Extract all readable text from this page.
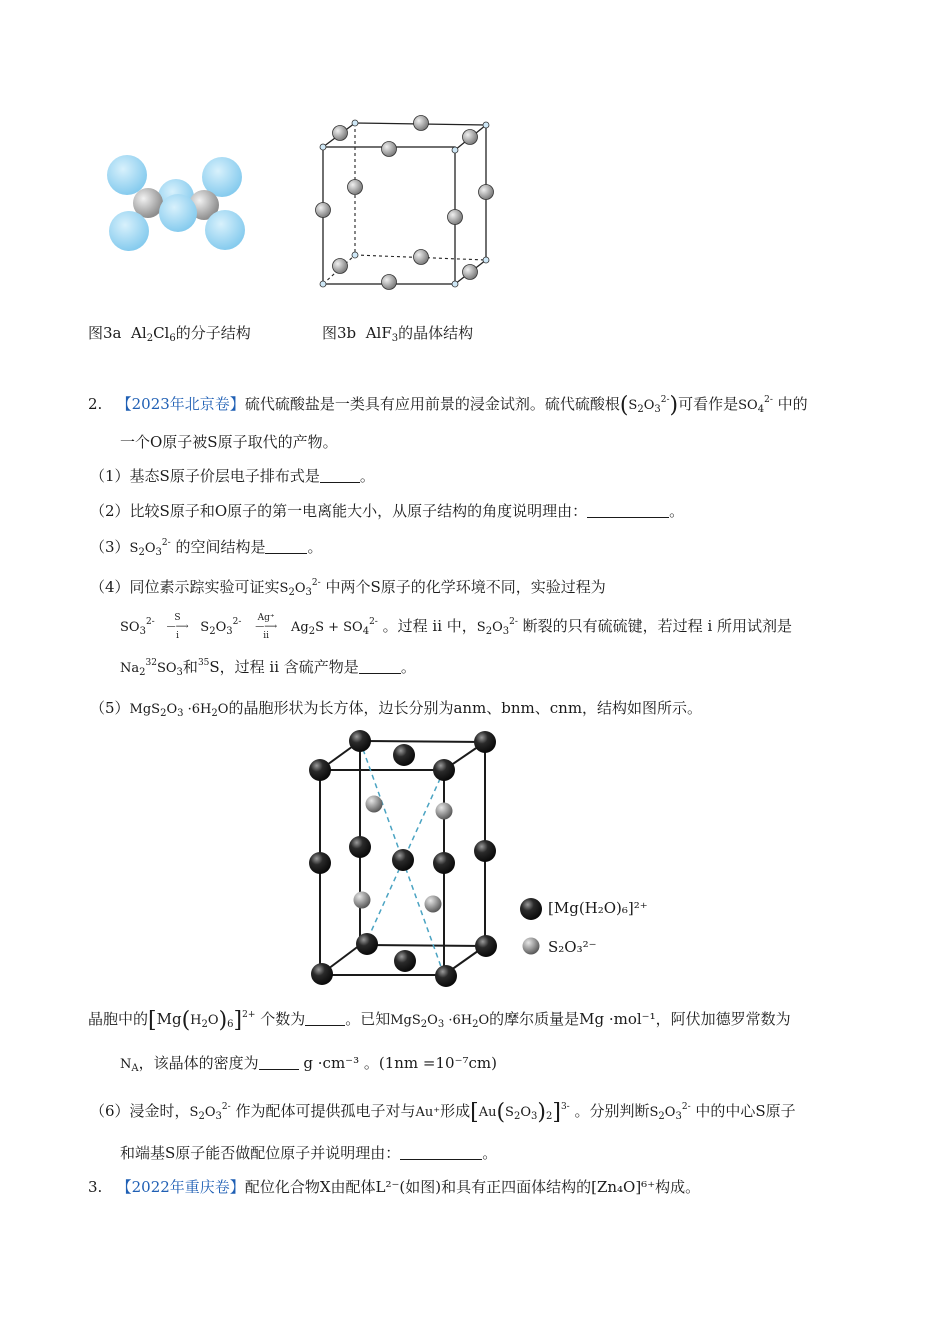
图3a $Al_2Cl_6$的分子结构	图3b AlF$_3$的晶体结构
2. 【2023年北京卷】硫代硫酸盐是一类具有应用前景的浸金试剂。硫代硫酸根$(S_2O_3^{2-})$可看作是$SO_4^{2-}$ 中的
一个O原子被S原子取代的产物。
（1）基态S原子价层电子排布式是	。
（2）比较S原子和O原子的第一电离能大小，从原子结构的角度说明理由：	。
$(3)S_2O_3^{2-}$ 的空间结构是	。
（4）同位素示踪实验可证实$S_2O_3^{2-}$ 中两个S原子的化学环境不同，实验过程为
$SO_3^{2-}$	S
—⟶
i
$S_2O_3^{2-}$	Ag⁺
—⟶
ii
$Ag_2S + SO_4^{2-}$ 。过程 ii 中，$S_2O_3^{2-}$ 断裂的只有硫硫键，若过程 i 所用试剂是
$Na_2^{32}SO_3$和$^{35}$S，过程 ii 含硫产物是	。
$(5)MgS_2O_3 \cdot 6H_2O$的晶胞形状为长方体，边长分别为anm、bnm、cnm，结构如图所示。
[Mg(H₂O)₆]²⁺
S₂O₃²⁻
晶胞中的$[Mg(H_2O)_6]^{2+}$ 个数为	。已知$MgS_2O_3 \cdot 6H_2O$的摩尔质量是Mg ·mol⁻¹，阿伏加德罗常数为
$N_A$，该晶体的密度为	g ·cm⁻³ 。(1nm =10⁻⁷cm)
（6）浸金时，$S_2O_3^{2-}$ 作为配体可提供孤电子对与Au⁺形成$[Au(S_2O_3)_2]^{3-}$ 。分别判断$S_2O_3^{2-}$ 中的中心S原子
和端基S原子能否做配位原子并说明理由：	。
3. 【2022年重庆卷】配位化合物X由配体L²⁻(如图)和具有正四面体结构的[Zn₄O]⁶⁺构成。
